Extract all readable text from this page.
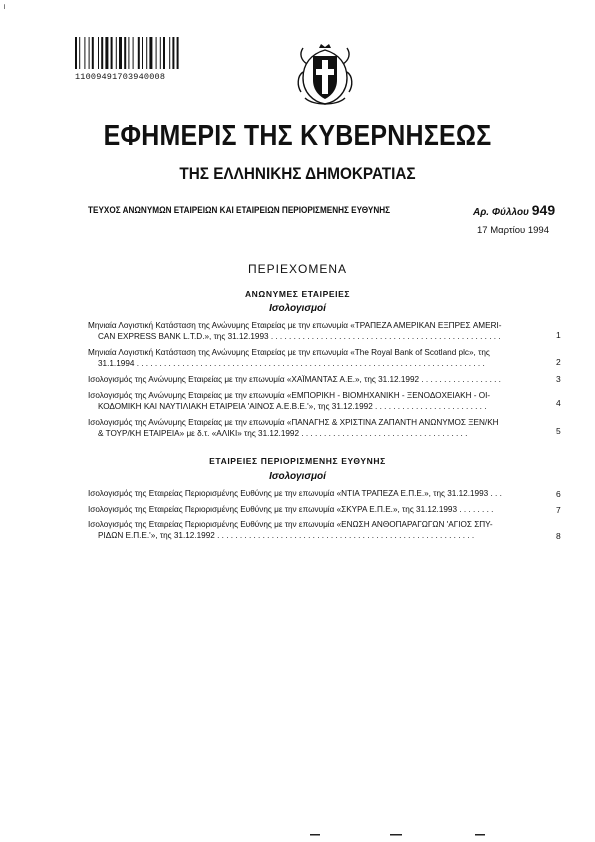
11009491703940008
ΕΦΗΜΕΡΙΣ ΤΗΣ ΚΥΒΕΡΝΗΣΕΩΣ
ΤΗΣ ΕΛΛΗΝΙΚΗΣ ΔΗΜΟΚΡΑΤΙΑΣ
ΤΕΥΧΟΣ ΑΝΩΝΥΜΩΝ ΕΤΑΙΡΕΙΩΝ ΚΑΙ ΕΤΑΙΡΕΙΩΝ ΠΕΡΙΟΡΙΣΜΕΝΗΣ ΕΥΘΥΝΗΣ	Αρ. Φύλλου 949
17 Μαρτίου 1994
ΠΕΡΙΕΧΟΜΕΝΑ
ΑΝΩΝΥΜΕΣ ΕΤΑΙΡΕΙΕΣ
Ισολογισμοί
Μηνιαία Λογιστική Κατάσταση της Ανώνυμης Εταιρείας με την επωνυμία «ΤΡΑΠΕΖΑ ΑΜΕΡΙΚΑΝ ΕΞΠΡΕΣ AMERI-
CAN EXPRESS BANK L.T.D.», της 31.12.1993 . . . . . . . . . . . . . . . . . . . . . . . . . . . . . . . . . . . . . . . . . . . . . . . . . . .	1
Μηνιαία Λογιστική Κατάσταση της Ανώνυμης Εταιρείας με την επωνυμία «The Royal Bank of Scotland plc», της
31.1.1994 . . . . . . . . . . . . . . . . . . . . . . . . . . . . . . . . . . . . . . . . . . . . . . . . . . . . . . . . . . . . . . . . . . . . . . . . . . . . .	2
Ισολογισμός της Ανώνυμης Εταιρείας με την επωνυμία «ΧΑΪΜΑΝΤΑΣ Α.Ε.», της 31.12.1992 . . . . . . . . . . . . . . . . . .	3
Ισολογισμός της Ανώνυμης Εταιρείας με την επωνυμία «ΕΜΠΟΡΙΚΗ - ΒΙΟΜΗΧΑΝΙΚΗ - ΞΕΝΟΔΟΧΕΙΑΚΗ - ΟΙ-
ΚΟΔΟΜΙΚΗ ΚΑΙ ΝΑΥΤΙΛΙΑΚΗ ΕΤΑΙΡΕΙΑ 'ΑΙΝΟΣ Α.Ε.Β.Ε.'», της 31.12.1992 . . . . . . . . . . . . . . . . . . . . . . . . .	4
Ισολογισμός της Ανώνυμης Εταιρείας με την επωνυμία «ΠΑΝΑΓΗΣ & ΧΡΙΣΤΙΝΑ ΖΑΠΑΝΤΗ ΑΝΩΝΥΜΟΣ ΞΕΝ/ΚΗ
& ΤΟΥΡ/ΚΗ ΕΤΑΙΡΕΙΑ» με δ.τ. «ΑΛΙΚΙ» της 31.12.1992 . . . . . . . . . . . . . . . . . . . . . . . . . . . . . . . . . . . . .	5
ΕΤΑΙΡΕΙΕΣ ΠΕΡΙΟΡΙΣΜΕΝΗΣ ΕΥΘΥΝΗΣ
Ισολογισμοί
Ισολογισμός της Εταιρείας Περιορισμένης Ευθύνης με την επωνυμία «ΝΤΙΑ ΤΡΑΠΕΖΑ Ε.Π.Ε.», της 31.12.1993 . . .	6
Ισολογισμός της Εταιρείας Περιορισμένης Ευθύνης με την επωνυμία «ΣΚΥΡΑ Ε.Π.Ε.», της 31.12.1993 . . . . . . . .	7
Ισολογισμός της Εταιρείας Περιορισμένης Ευθύνης με την επωνυμία «ΕΝΩΣΗ ΑΝΘΟΠΑΡΑΓΩΓΩΝ 'ΑΓΙΟΣ ΣΠΥ-
ΡΙΔΩΝ Ε.Π.Ε.'», της 31.12.1992 . . . . . . . . . . . . . . . . . . . . . . . . . . . . . . . . . . . . . . . . . . . . . . . . . . . . . . . . .	8
╷
